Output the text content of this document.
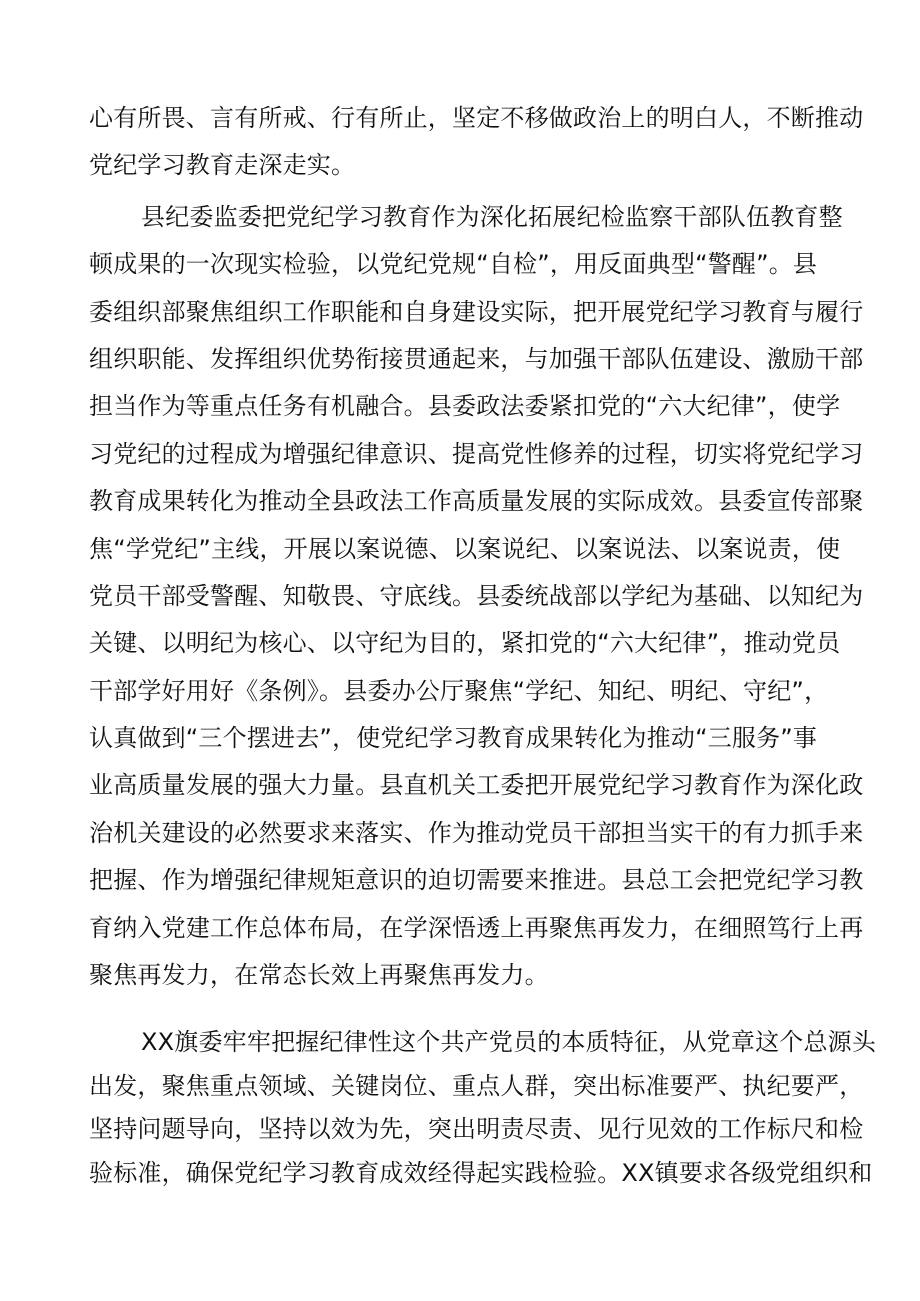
心有所畏、言有所戒、行有所止，坚定不移做政治上的明白人，不断推动
党纪学习教育走深走实。
县纪委监委把党纪学习教育作为深化拓展纪检监察干部队伍教育整
顿成果的一次现实检验，以党纪党规“自检”，用反面典型“警醒”。县
委组织部聚焦组织工作职能和自身建设实际，把开展党纪学习教育与履行
组织职能、发挥组织优势衔接贯通起来，与加强干部队伍建设、激励干部
担当作为等重点任务有机融合。县委政法委紧扣党的“六大纪律”，使学
习党纪的过程成为增强纪律意识、提高党性修养的过程，切实将党纪学习
教育成果转化为推动全县政法工作高质量发展的实际成效。县委宣传部聚
焦“学党纪”主线，开展以案说德、以案说纪、以案说法、以案说责，使
党员干部受警醒、知敬畏、守底线。县委统战部以学纪为基础、以知纪为
关键、以明纪为核心、以守纪为目的，紧扣党的“六大纪律”，推动党员
干部学好用好《条例》。县委办公厅聚焦“学纪、知纪、明纪、守纪”，
认真做到“三个摆进去”，使党纪学习教育成果转化为推动“三服务”事
业高质量发展的强大力量。县直机关工委把开展党纪学习教育作为深化政
治机关建设的必然要求来落实、作为推动党员干部担当实干的有力抓手来
把握、作为增强纪律规矩意识的迫切需要来推进。县总工会把党纪学习教
育纳入党建工作总体布局，在学深悟透上再聚焦再发力，在细照笃行上再
聚焦再发力，在常态长效上再聚焦再发力。
XX旗委牢牢把握纪律性这个共产党员的本质特征，从党章这个总源头
出发，聚焦重点领域、关键岗位、重点人群，突出标准要严、执纪要严，
坚持问题导向，坚持以效为先，突出明责尽责、见行见效的工作标尺和检
验标准，确保党纪学习教育成效经得起实践检验。XX镇要求各级党组织和
